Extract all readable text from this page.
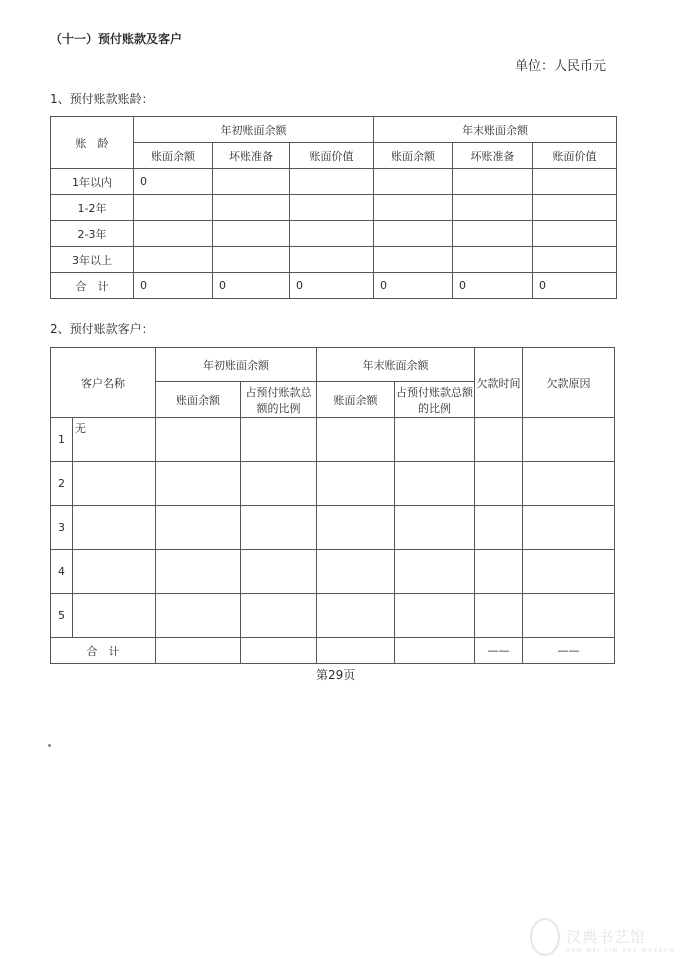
（十一）预付账款及客户
单位：人民币元
1、预付账款账龄：
账　龄	年初账面余额			年末账面余额		
	账面余额	坏账准备	账面价值	账面余额	坏账准备	账面价值
1年以内	0					
1-2年						
2-3年						
3年以上						
合　计	0	0	0	0	0	0
2、预付账款客户：
客户名称		年初账面余额		年末账面余额		欠款时间	欠款原因
		账面余额	占预付账款总额的比例	账面余额	占预付账款总额的比例		
1	无						
2							
3							
4							
5							
合　计						——	——
第29页
汉典书艺馆
HAN MEI LIN ART MUSEUM
